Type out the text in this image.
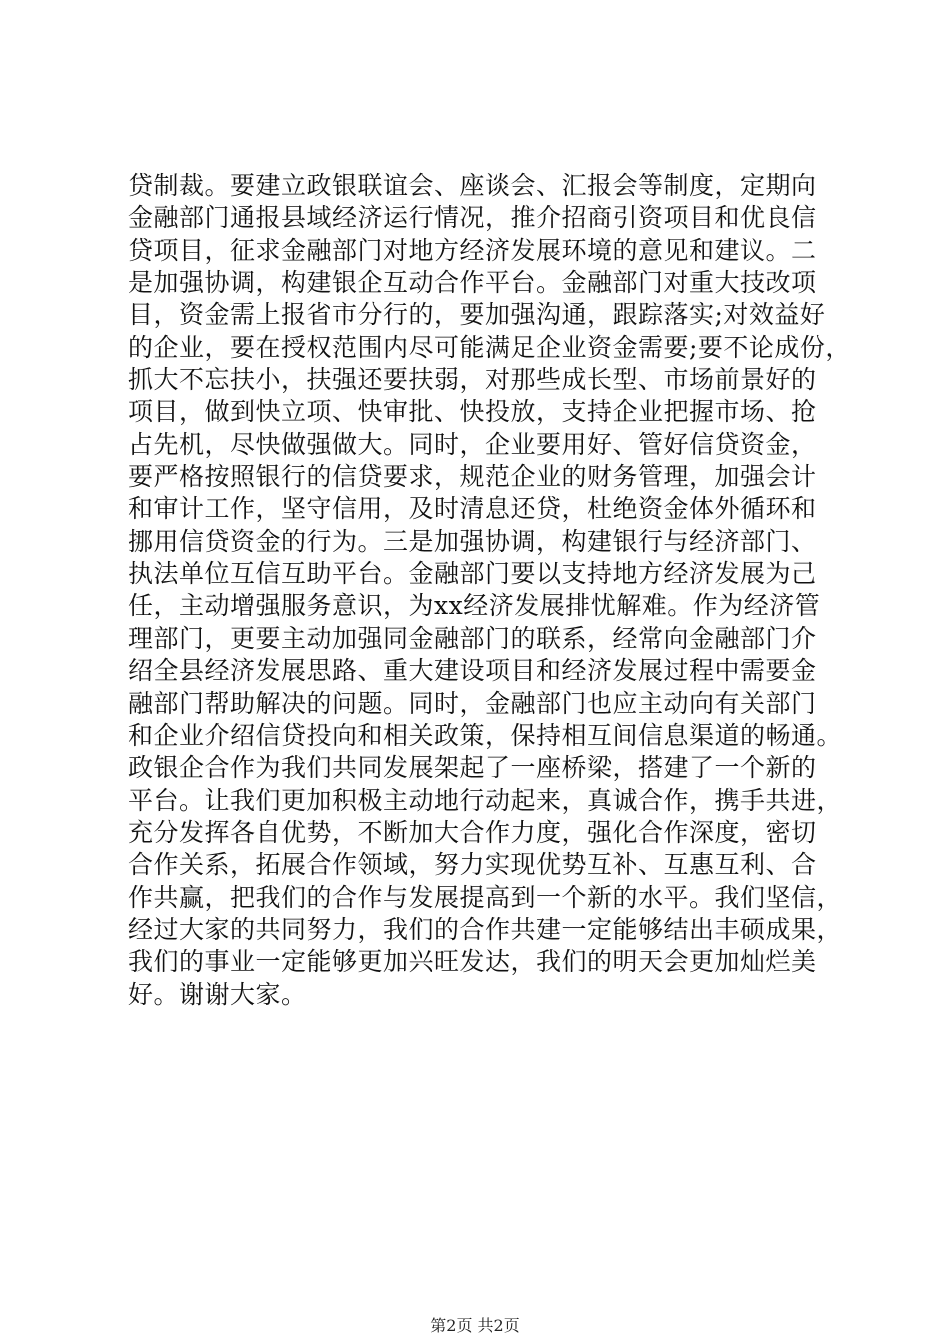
贷制裁。要建立政银联谊会、座谈会、汇报会等制度，定期向
金融部门通报县域经济运行情况，推介招商引资项目和优良信
贷项目，征求金融部门对地方经济发展环境的意见和建议。二
是加强协调，构建银企互动合作平台。金融部门对重大技改项
目，资金需上报省市分行的，要加强沟通，跟踪落实;对效益好
的企业，要在授权范围内尽可能满足企业资金需要;要不论成份，
抓大不忘扶小，扶强还要扶弱，对那些成长型、市场前景好的
项目，做到快立项、快审批、快投放，支持企业把握市场、抢
占先机，尽快做强做大。同时，企业要用好、管好信贷资金，
要严格按照银行的信贷要求，规范企业的财务管理，加强会计
和审计工作，坚守信用，及时清息还贷，杜绝资金体外循环和
挪用信贷资金的行为。三是加强协调，构建银行与经济部门、
执法单位互信互助平台。金融部门要以支持地方经济发展为己
任，主动增强服务意识，为xx经济发展排忧解难。作为经济管
理部门，更要主动加强同金融部门的联系，经常向金融部门介
绍全县经济发展思路、重大建设项目和经济发展过程中需要金
融部门帮助解决的问题。同时，金融部门也应主动向有关部门
和企业介绍信贷投向和相关政策，保持相互间信息渠道的畅通。
政银企合作为我们共同发展架起了一座桥梁，搭建了一个新的
平台。让我们更加积极主动地行动起来，真诚合作，携手共进，
充分发挥各自优势，不断加大合作力度，强化合作深度，密切
合作关系，拓展合作领域，努力实现优势互补、互惠互利、合
作共赢，把我们的合作与发展提高到一个新的水平。我们坚信，
经过大家的共同努力，我们的合作共建一定能够结出丰硕成果，
我们的事业一定能够更加兴旺发达，我们的明天会更加灿烂美
好。谢谢大家。
第2页 共2页
